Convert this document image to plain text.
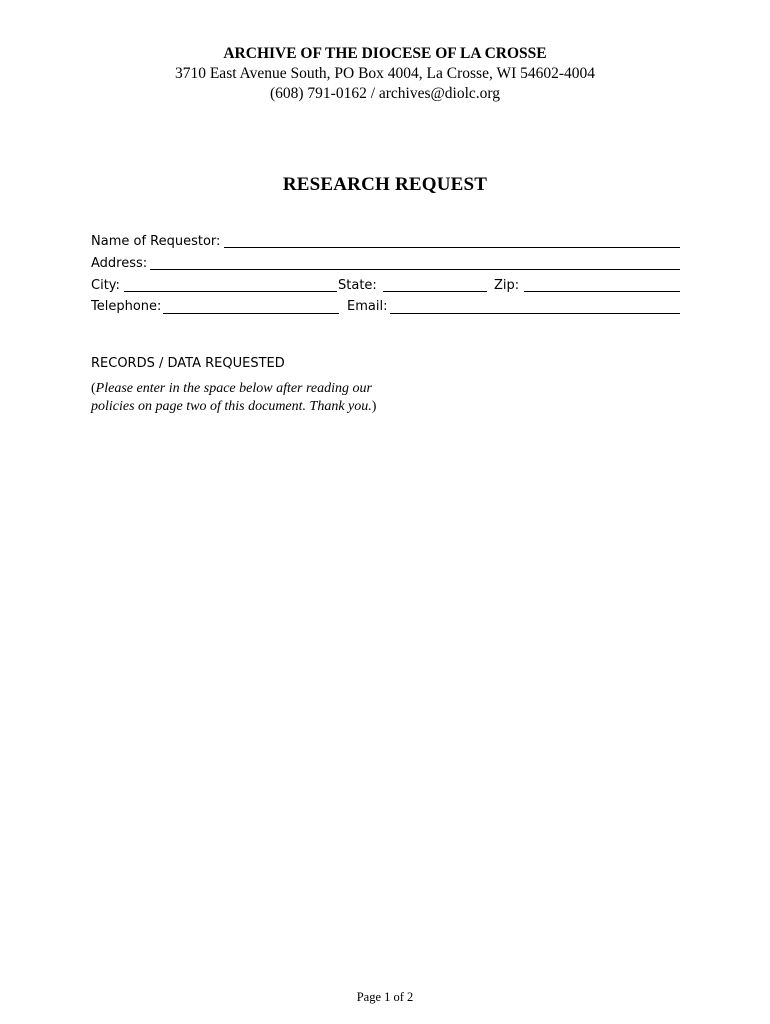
ARCHIVE OF THE DIOCESE OF LA CROSSE
3710 East Avenue South, PO Box 4004, La Crosse, WI 54602-4004
(608) 791-0162 / archives@diolc.org
RESEARCH REQUEST
Name of Requestor:
Address:
City:	State:	Zip:
Telephone:	Email:
RECORDS / DATA REQUESTED
(Please enter in the space below after reading our
policies on page two of this document. Thank you.)
Page 1 of 2
